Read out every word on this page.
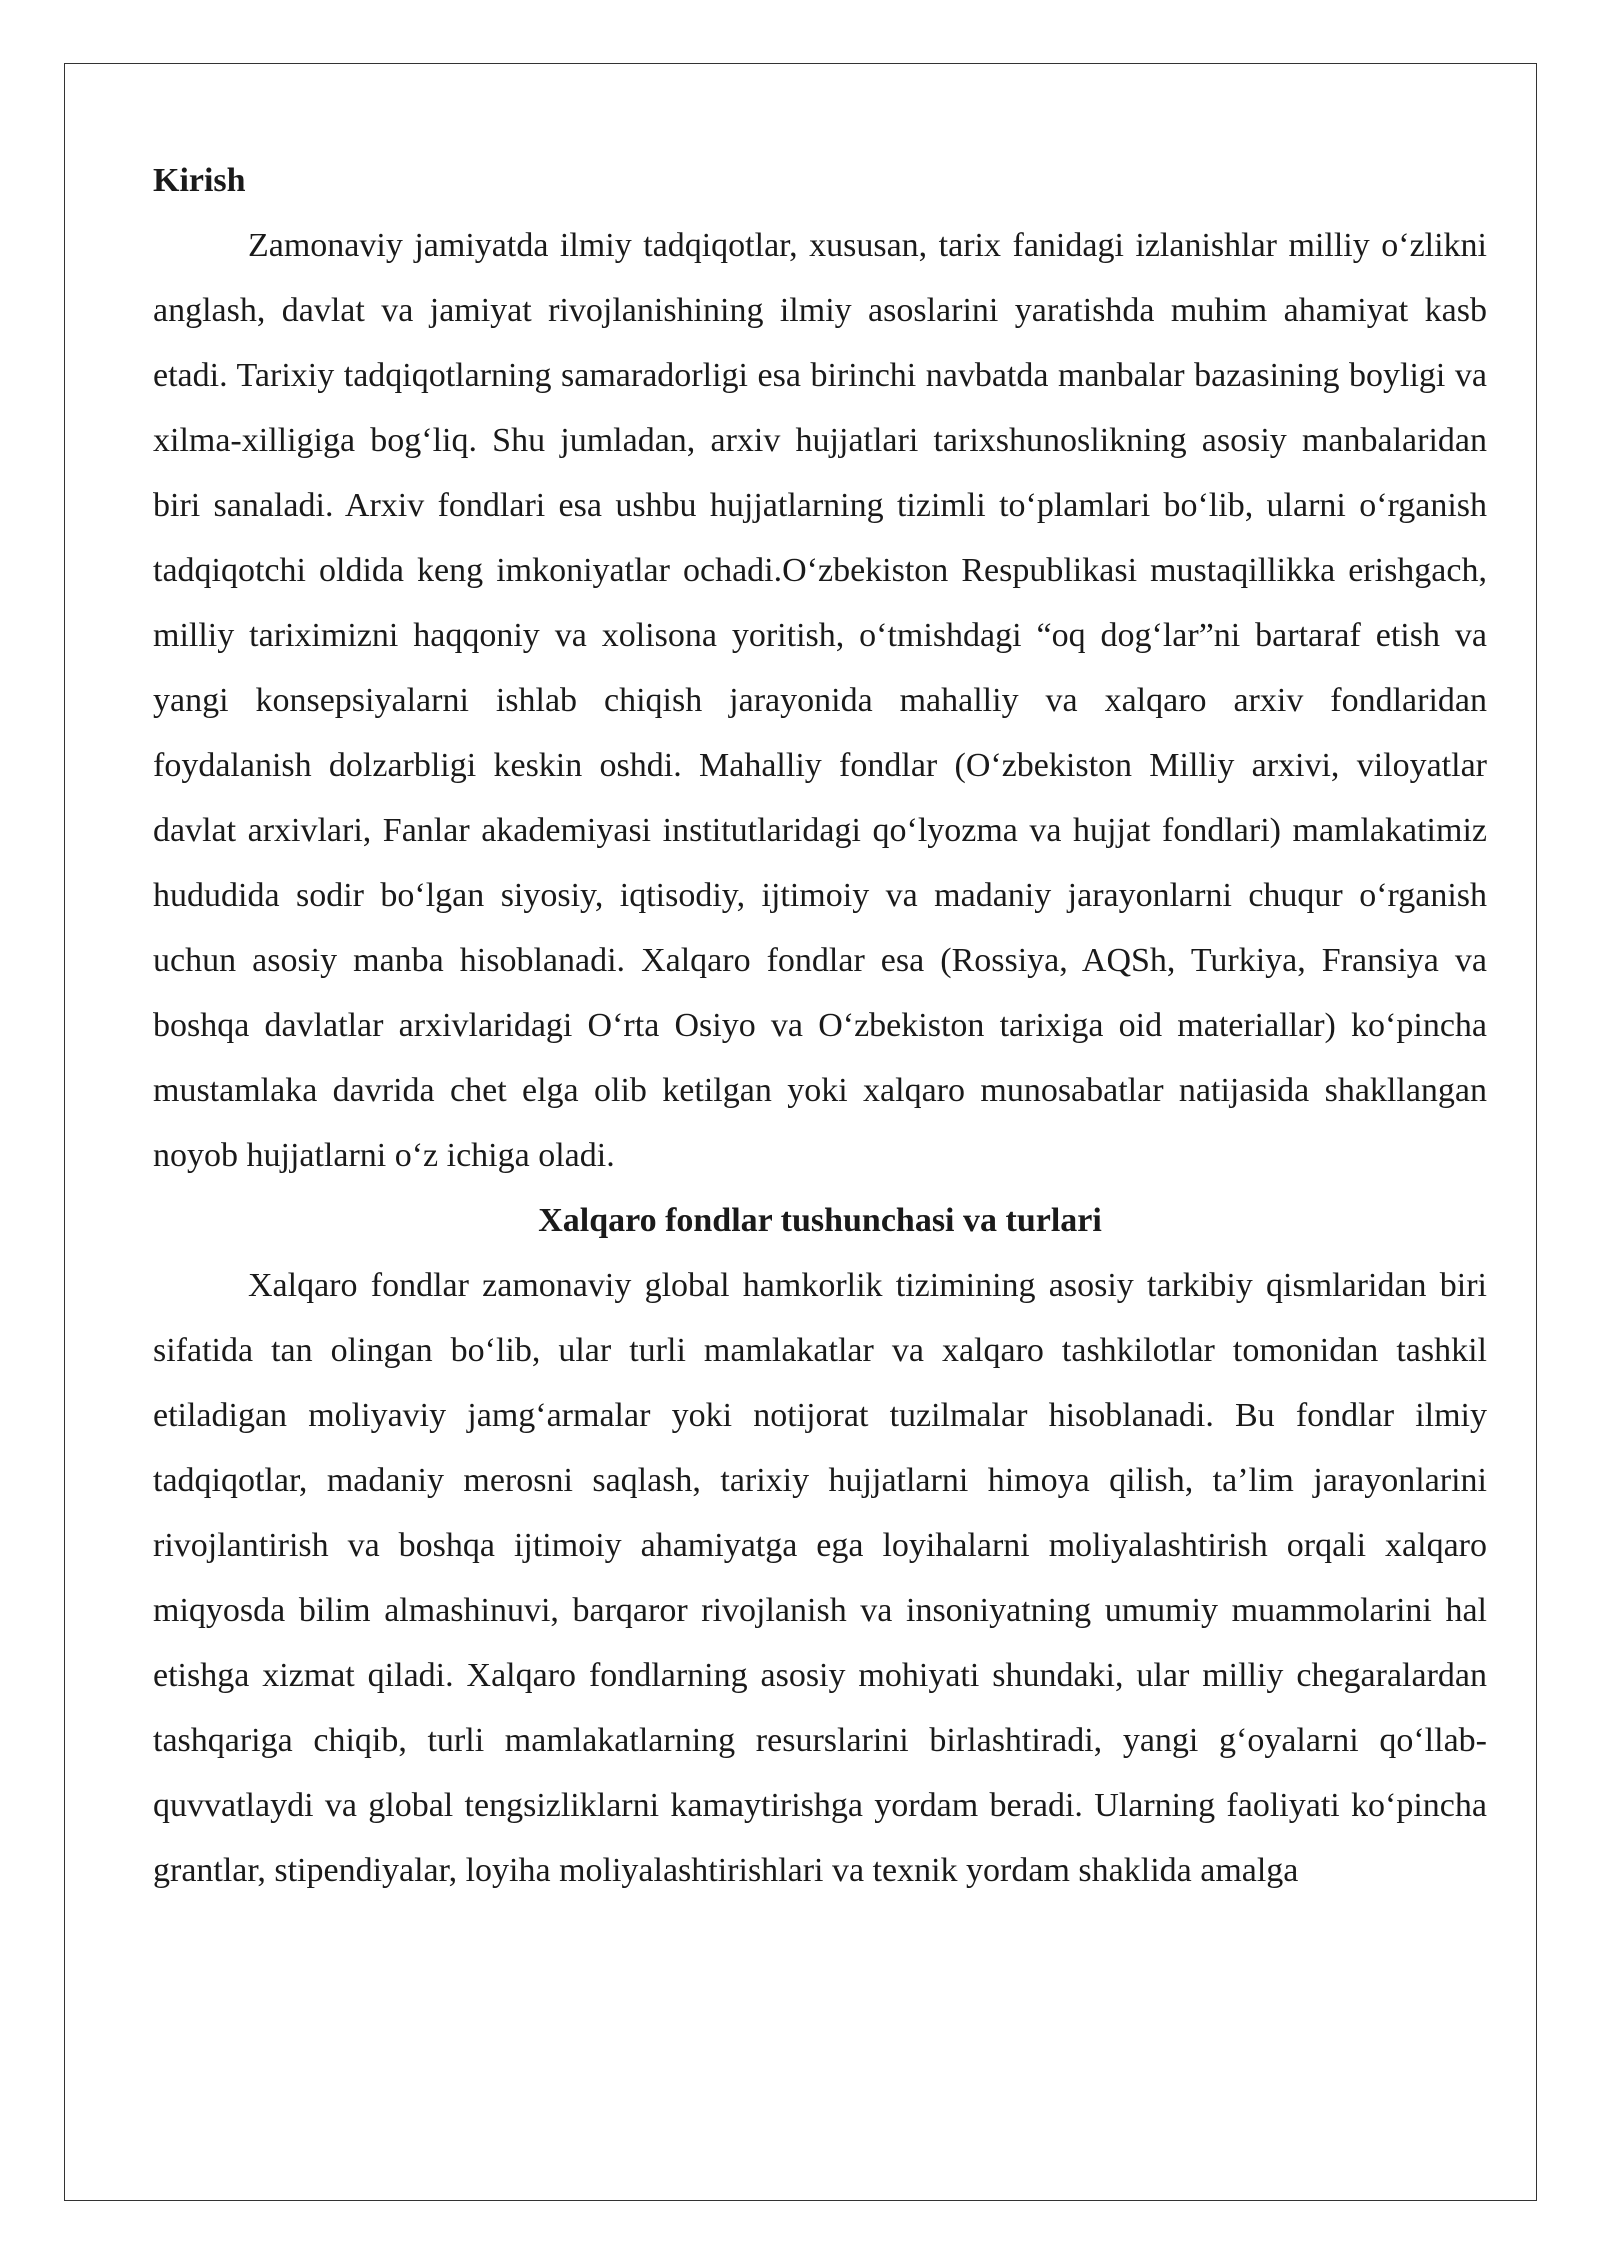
Kirish

Zamonaviy jamiyatda ilmiy tadqiqotlar, xususan, tarix fanidagi izlanishlar milliy o‘zlikni anglash, davlat va jamiyat rivojlanishining ilmiy asoslarini yaratishda muhim ahamiyat kasb etadi. Tarixiy tadqiqotlarning samaradorligi esa birinchi navbatda manbalar bazasining boyligi va xilma-xilligiga bog‘liq. Shu jumladan, arxiv hujjatlari tarixshunoslikning asosiy manbalaridan biri sanaladi. Arxiv fondlari esa ushbu hujjatlarning tizimli to‘plamlari bo‘lib, ularni o‘rganish tadqiqotchi oldida keng imkoniyatlar ochadi.O‘zbekiston Respublikasi mustaqillikka erishgach, milliy tariximizni haqqoniy va xolisona yoritish, o‘tmishdagi “oq dog‘lar”ni bartaraf etish va yangi konsepsiyalarni ishlab chiqish jarayonida mahalliy va xalqaro arxiv fondlaridan foydalanish dolzarbligi keskin oshdi. Mahalliy fondlar (O‘zbekiston Milliy arxivi, viloyatlar davlat arxivlari, Fanlar akademiyasi institutlaridagi qo‘lyozma va hujjat fondlari) mamlakatimiz hududida sodir bo‘lgan siyosiy, iqtisodiy, ijtimoiy va madaniy jarayonlarni chuqur o‘rganish uchun asosiy manba hisoblanadi. Xalqaro fondlar esa (Rossiya, AQSh, Turkiya, Fransiya va boshqa davlatlar arxivlaridagi O‘rta Osiyo va O‘zbekiston tarixiga oid materiallar) ko‘pincha mustamlaka davrida chet elga olib ketilgan yoki xalqaro munosabatlar natijasida shakllangan noyob hujjatlarni o‘z ichiga oladi.

Xalqaro fondlar tushunchasi va turlari

Xalqaro fondlar zamonaviy global hamkorlik tizimining asosiy tarkibiy qismlaridan biri sifatida tan olingan bo‘lib, ular turli mamlakatlar va xalqaro tashkilotlar tomonidan tashkil etiladigan moliyaviy jamg‘armalar yoki notijorat tuzilmalar hisoblanadi. Bu fondlar ilmiy tadqiqotlar, madaniy merosni saqlash, tarixiy hujjatlarni himoya qilish, ta’lim jarayonlarini rivojlantirish va boshqa ijtimoiy ahamiyatga ega loyihalarni moliyalashtirish orqali xalqaro miqyosda bilim almashinuvi, barqaror rivojlanish va insoniyatning umumiy muammolarini hal etishga xizmat qiladi. Xalqaro fondlarning asosiy mohiyati shundaki, ular milliy chegaralardan tashqariga chiqib, turli mamlakatlarning resurslarini birlashtiradi, yangi g‘oyalarni qo‘llab-quvvatlaydi va global tengsizliklarni kamaytirishga yordam beradi. Ularning faoliyati ko‘pincha grantlar, stipendiyalar, loyiha moliyalashtirishlari va texnik yordam shaklida amalga
